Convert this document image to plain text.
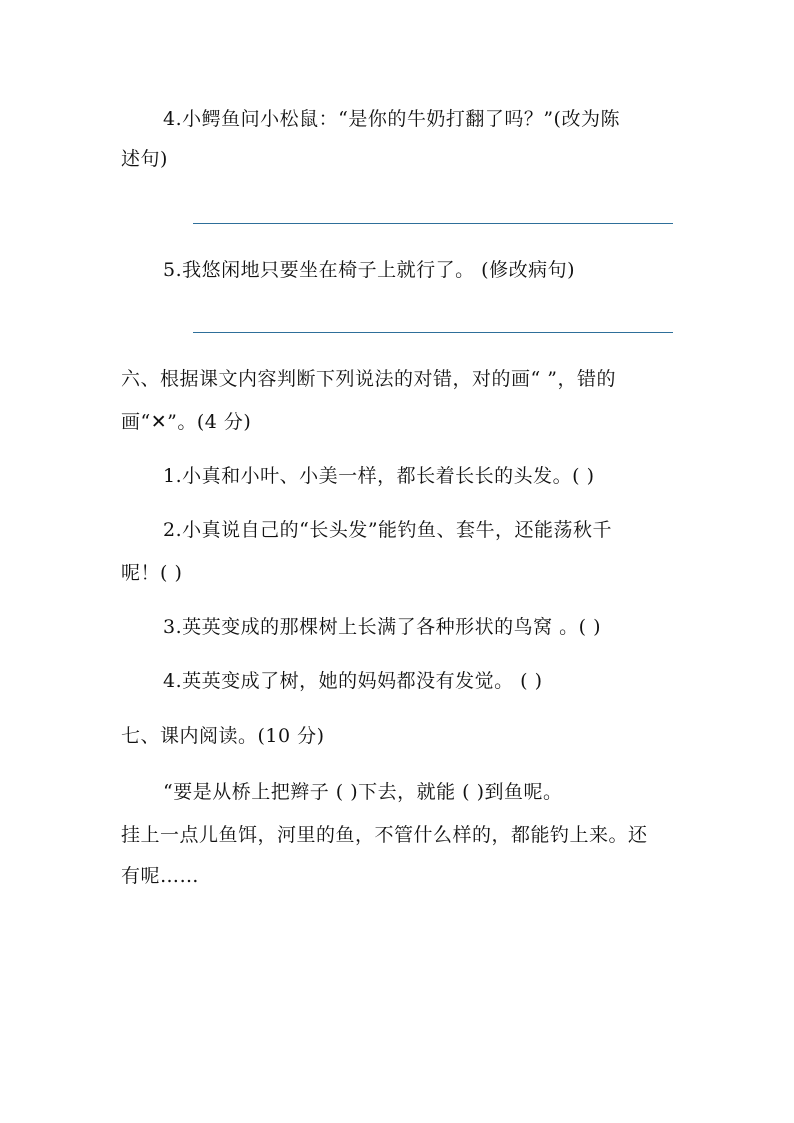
4.小鳄鱼问小松鼠：“是你的牛奶打翻了吗？”(改为陈
述句)
5.我悠闲地只要坐在椅子上就行了。 (修改病句)
六、根据课文内容判断下列说法的对错，对的画“ ”，错的
画“✕”。(4 分)
1.小真和小叶、小美一样，都长着长长的头发。( )
2.小真说自己的“长头发”能钓鱼、套牛，还能荡秋千
呢！( )
3.英英变成的那棵树上长满了各种形状的鸟窝 。( )
4.英英变成了树，她的妈妈都没有发觉。 ( )
七、课内阅读。(10 分)
“要是从桥上把辫子 ( )下去，就能 ( )到鱼呢。
挂上一点儿鱼饵，河里的鱼，不管什么样的，都能钓上来。还
有呢……
